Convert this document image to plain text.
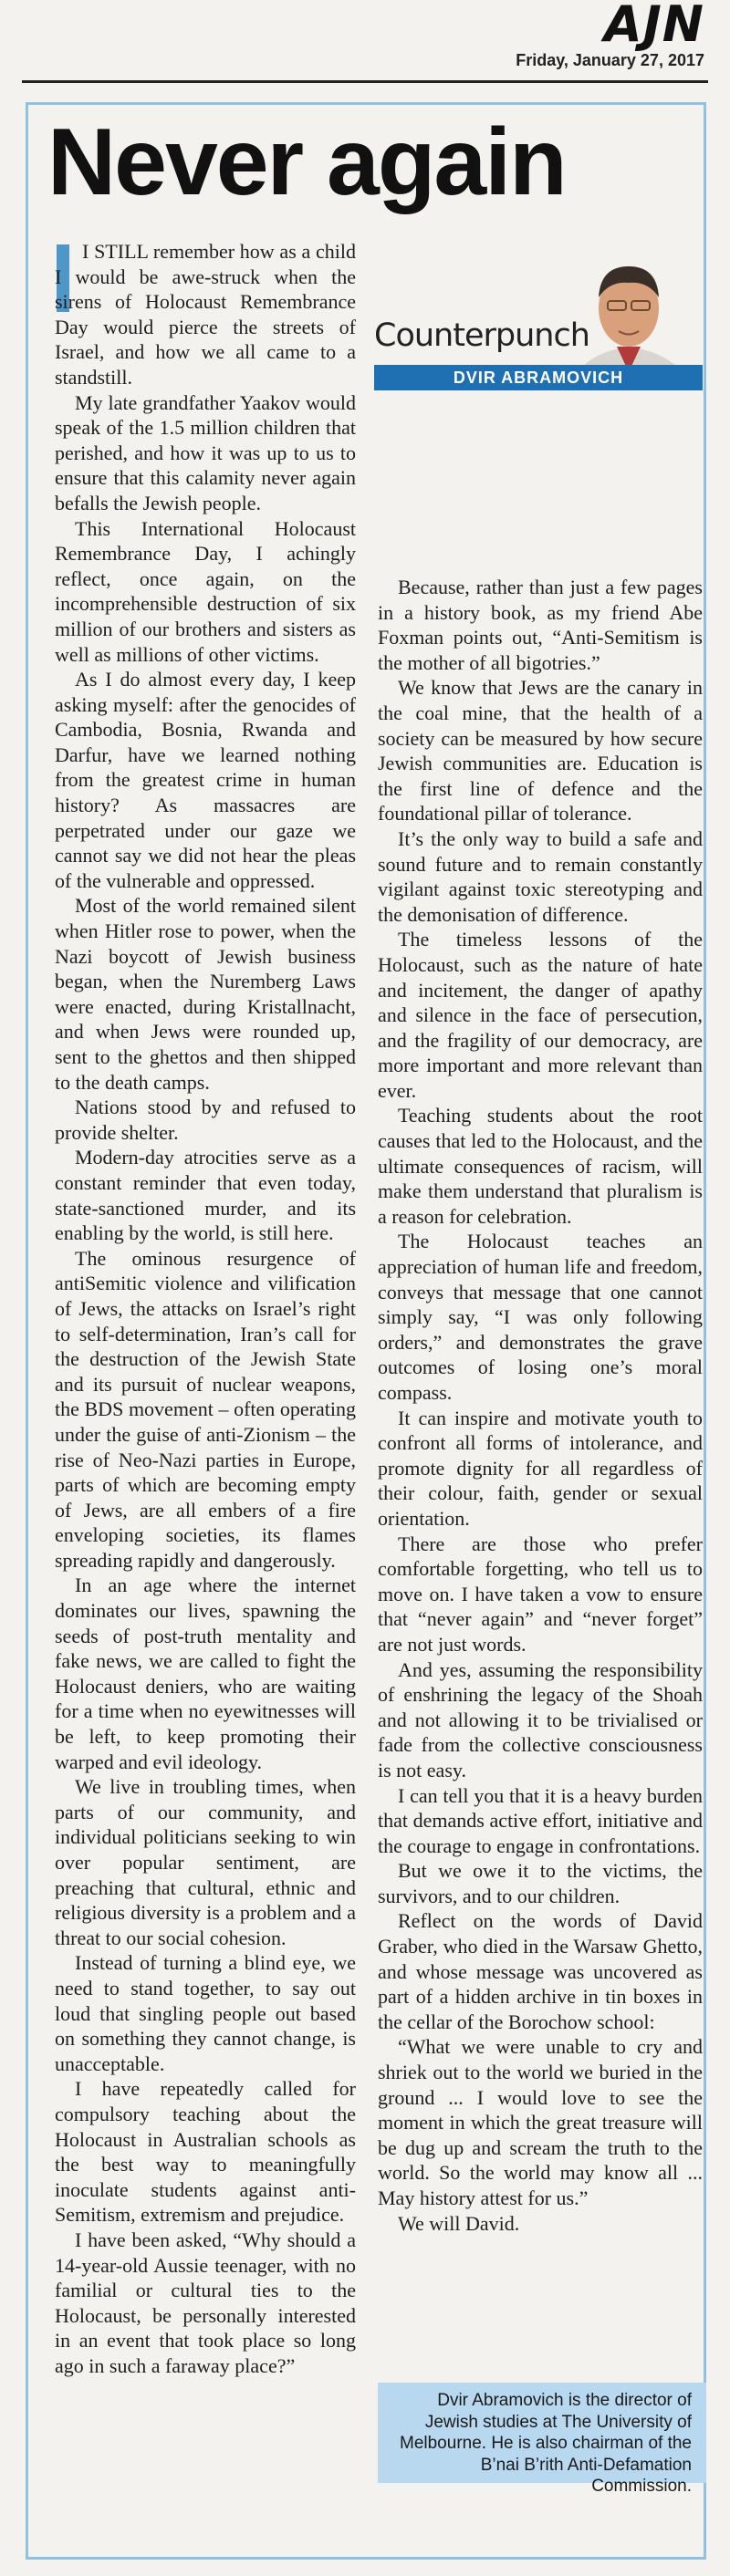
AJN
Friday, January 27, 2017
Never again

I STILL remember how as a child I would be awe-struck when the sirens of Holocaust Remembrance Day would pierce the streets of Israel, and how we all came to a standstill.

My late grandfather Yaakov would speak of the 1.5 million children that perished, and how it was up to us to ensure that this calamity never again befalls the Jewish people.

This International Holocaust Remembrance Day, I achingly reflect, once again, on the incomprehensible destruction of six million of our brothers and sisters as well as millions of other victims.

As I do almost every day, I keep asking myself: after the genocides of Cambodia, Bosnia, Rwanda and Darfur, have we learned nothing from the greatest crime in human history? As massacres are perpetrated under our gaze we cannot say we did not hear the pleas of the vulnerable and oppressed.

Most of the world remained silent when Hitler rose to power, when the Nazi boycott of Jewish business began, when the Nuremberg Laws were enacted, during Kristallnacht, and when Jews were rounded up, sent to the ghettos and then shipped to the death camps.

Nations stood by and refused to provide shelter.

Modern-day atrocities serve as a constant reminder that even today, state-sanctioned murder, and its enabling by the world, is still here.

The ominous resurgence of antiSemitic violence and vilification of Jews, the attacks on Israel’s right to self-determination, Iran’s call for the destruction of the Jewish State and its pursuit of nuclear weapons, the BDS movement – often operating under the guise of anti-Zionism – the rise of Neo-Nazi parties in Europe, parts of which are becoming empty of Jews, are all embers of a fire enveloping societies, its flames spreading rapidly and dangerously.

In an age where the internet dominates our lives, spawning the seeds of post-truth mentality and fake news, we are called to fight the Holocaust deniers, who are waiting for a time when no eyewitnesses will be left, to keep promoting their warped and evil ideology.

We live in troubling times, when parts of our community, and individual politicians seeking to win over popular sentiment, are preaching that cultural, ethnic and religious diversity is a problem and a threat to our social cohesion.

Instead of turning a blind eye, we need to stand together, to say out loud that singling people out based on something they cannot change, is unacceptable.

I have repeatedly called for compulsory teaching about the Holocaust in Australian schools as the best way to meaningfully inoculate students against anti-Semitism, extremism and prejudice.

I have been asked, “Why should a 14-year-old Aussie teenager, with no familial or cultural ties to the Holocaust, be personally interested in an event that took place so long ago in such a faraway place?”

Counterpunch
DVIR ABRAMOVICH

Because, rather than just a few pages in a history book, as my friend Abe Foxman points out, “Anti-Semitism is the mother of all bigotries.”

We know that Jews are the canary in the coal mine, that the health of a society can be measured by how secure Jewish communities are. Education is the first line of defence and the foundational pillar of tolerance.

It’s the only way to build a safe and sound future and to remain constantly vigilant against toxic stereotyping and the demonisation of difference.

The timeless lessons of the Holocaust, such as the nature of hate and incitement, the danger of apathy and silence in the face of persecution, and the fragility of our democracy, are more important and more relevant than ever.

Teaching students about the root causes that led to the Holocaust, and the ultimate consequences of racism, will make them understand that pluralism is a reason for celebration.

The Holocaust teaches an appreciation of human life and freedom, conveys that message that one cannot simply say, “I was only following orders,” and demonstrates the grave outcomes of losing one’s moral compass.

It can inspire and motivate youth to confront all forms of intolerance, and promote dignity for all regardless of their colour, faith, gender or sexual orientation.

There are those who prefer comfortable forgetting, who tell us to move on. I have taken a vow to ensure that “never again” and “never forget” are not just words.

And yes, assuming the responsibility of enshrining the legacy of the Shoah and not allowing it to be trivialised or fade from the collective consciousness is not easy.

I can tell you that it is a heavy burden that demands active effort, initiative and the courage to engage in confrontations.

But we owe it to the victims, the survivors, and to our children.

Reflect on the words of David Graber, who died in the Warsaw Ghetto, and whose message was uncovered as part of a hidden archive in tin boxes in the cellar of the Borochow school:

“What we were unable to cry and shriek out to the world we buried in the ground ... I would love to see the moment in which the great treasure will be dug up and scream the truth to the world. So the world may know all ... May history attest for us.”

We will David.

Dvir Abramovich is the director of Jewish studies at The University of Melbourne. He is also chairman of the B’nai B’rith Anti-Defamation Commission.
